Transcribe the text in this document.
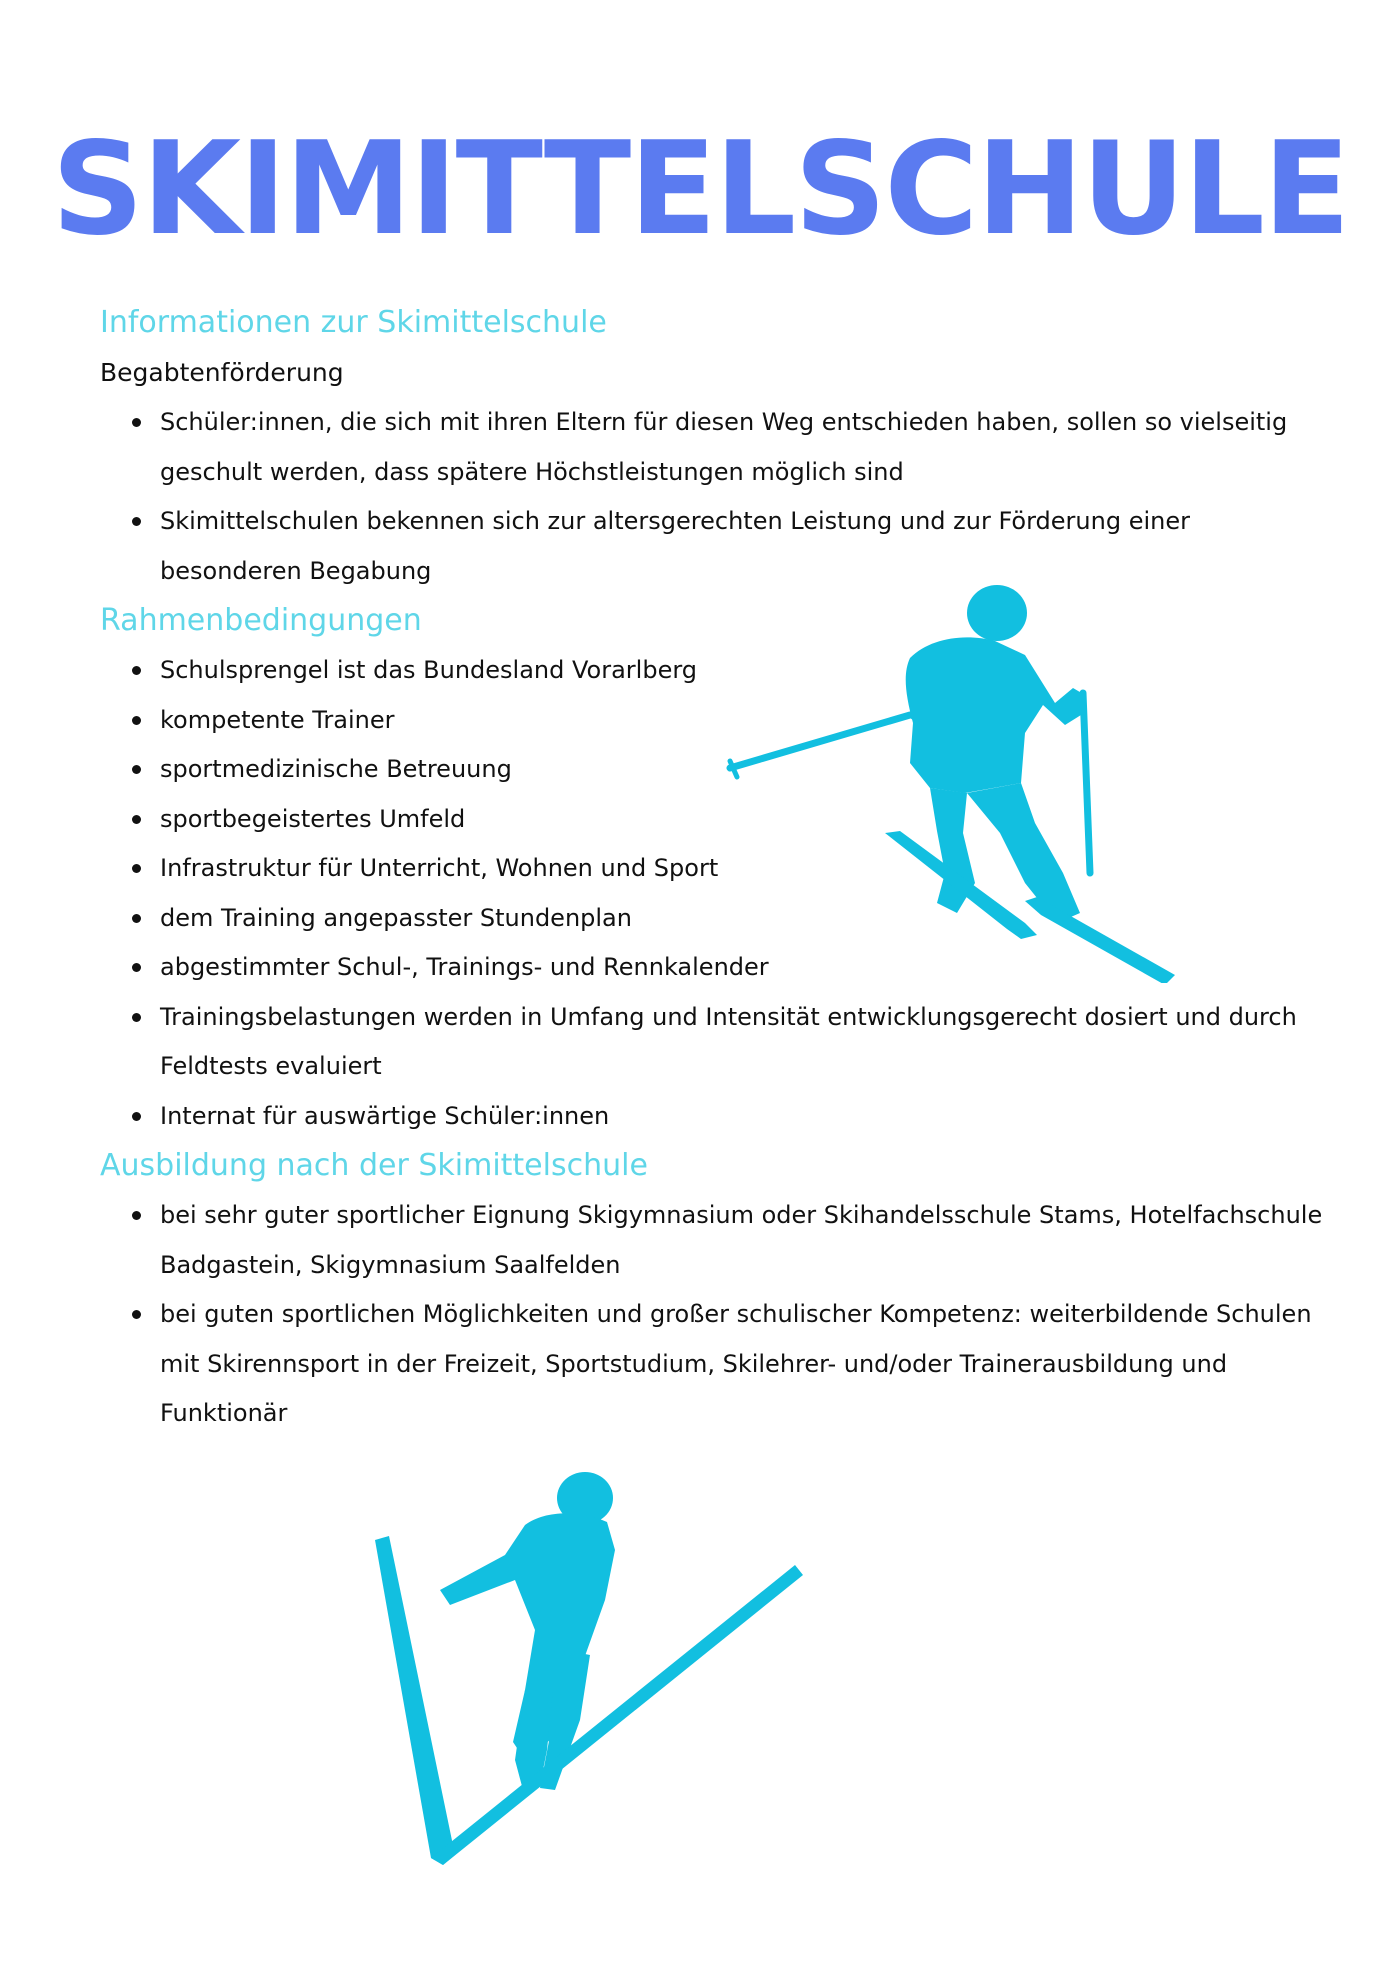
SKIMITTELSCHULE
Informationen zur Skimittelschule

Begabtenförderung

Schüler:innen, die sich mit ihren Eltern für diesen Weg entschieden haben, sollen so vielseitig geschult werden, dass spätere Höchstleistungen möglich sind
Skimittelschulen bekennen sich zur altersgerechten Leistung und zur Förderung einer besonderen Begabung
Rahmenbedingungen
Schulsprengel ist das Bundesland Vorarlberg
kompetente Trainer
sportmedizinische Betreuung
sportbegeistertes Umfeld
Infrastruktur für Unterricht, Wohnen und Sport
dem Training angepasster Stundenplan
abgestimmter Schul-, Trainings- und Rennkalender
Trainingsbelastungen werden in Umfang und Intensität entwicklungsgerecht dosiert und durch Feldtests evaluiert
Internat für auswärtige Schüler:innen
Ausbildung nach der Skimittelschule
bei sehr guter sportlicher Eignung Skigymnasium oder Skihandelsschule Stams, Hotelfachschule Badgastein, Skigymnasium Saalfelden
bei guten sportlichen Möglichkeiten und großer schulischer Kompetenz: weiterbildende Schulen mit Skirennsport in der Freizeit, Sportstudium, Skilehrer- und/oder Trainerausbildung und Funktionär
